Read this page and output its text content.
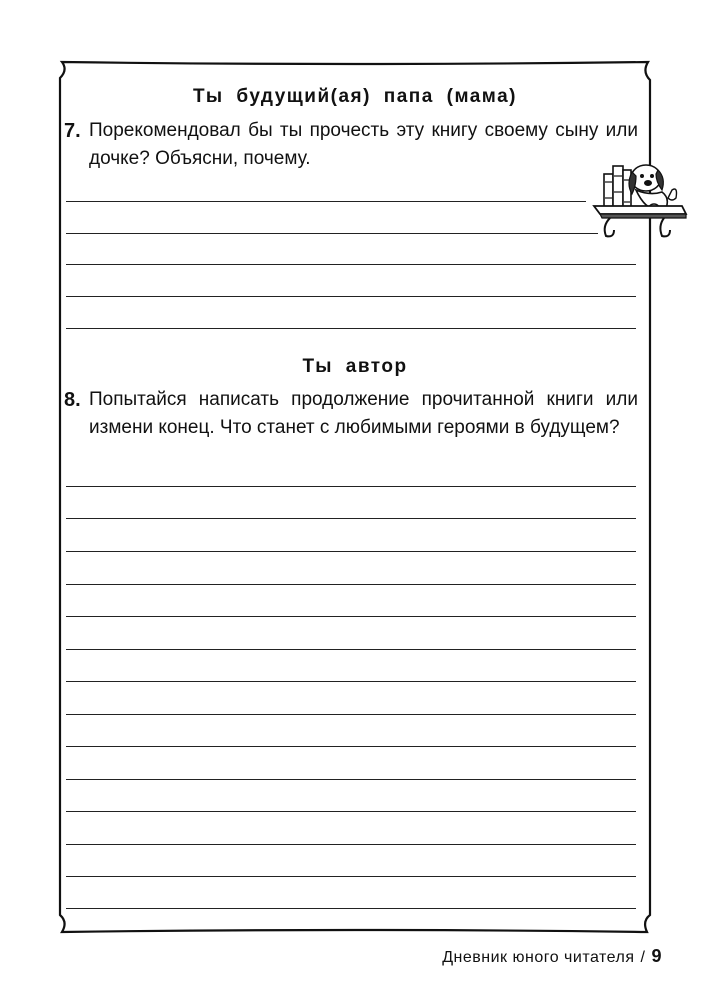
Ты будущий(ая) папа (мама)
7. Порекомендовал бы ты прочесть эту книгу своему сыну или дочке? Объясни, почему.
Ты автор
8. Попытайся написать продолжение прочитанной книги или измени конец. Что станет с любимыми героями в будущем?
Дневник юного читателя / 9
